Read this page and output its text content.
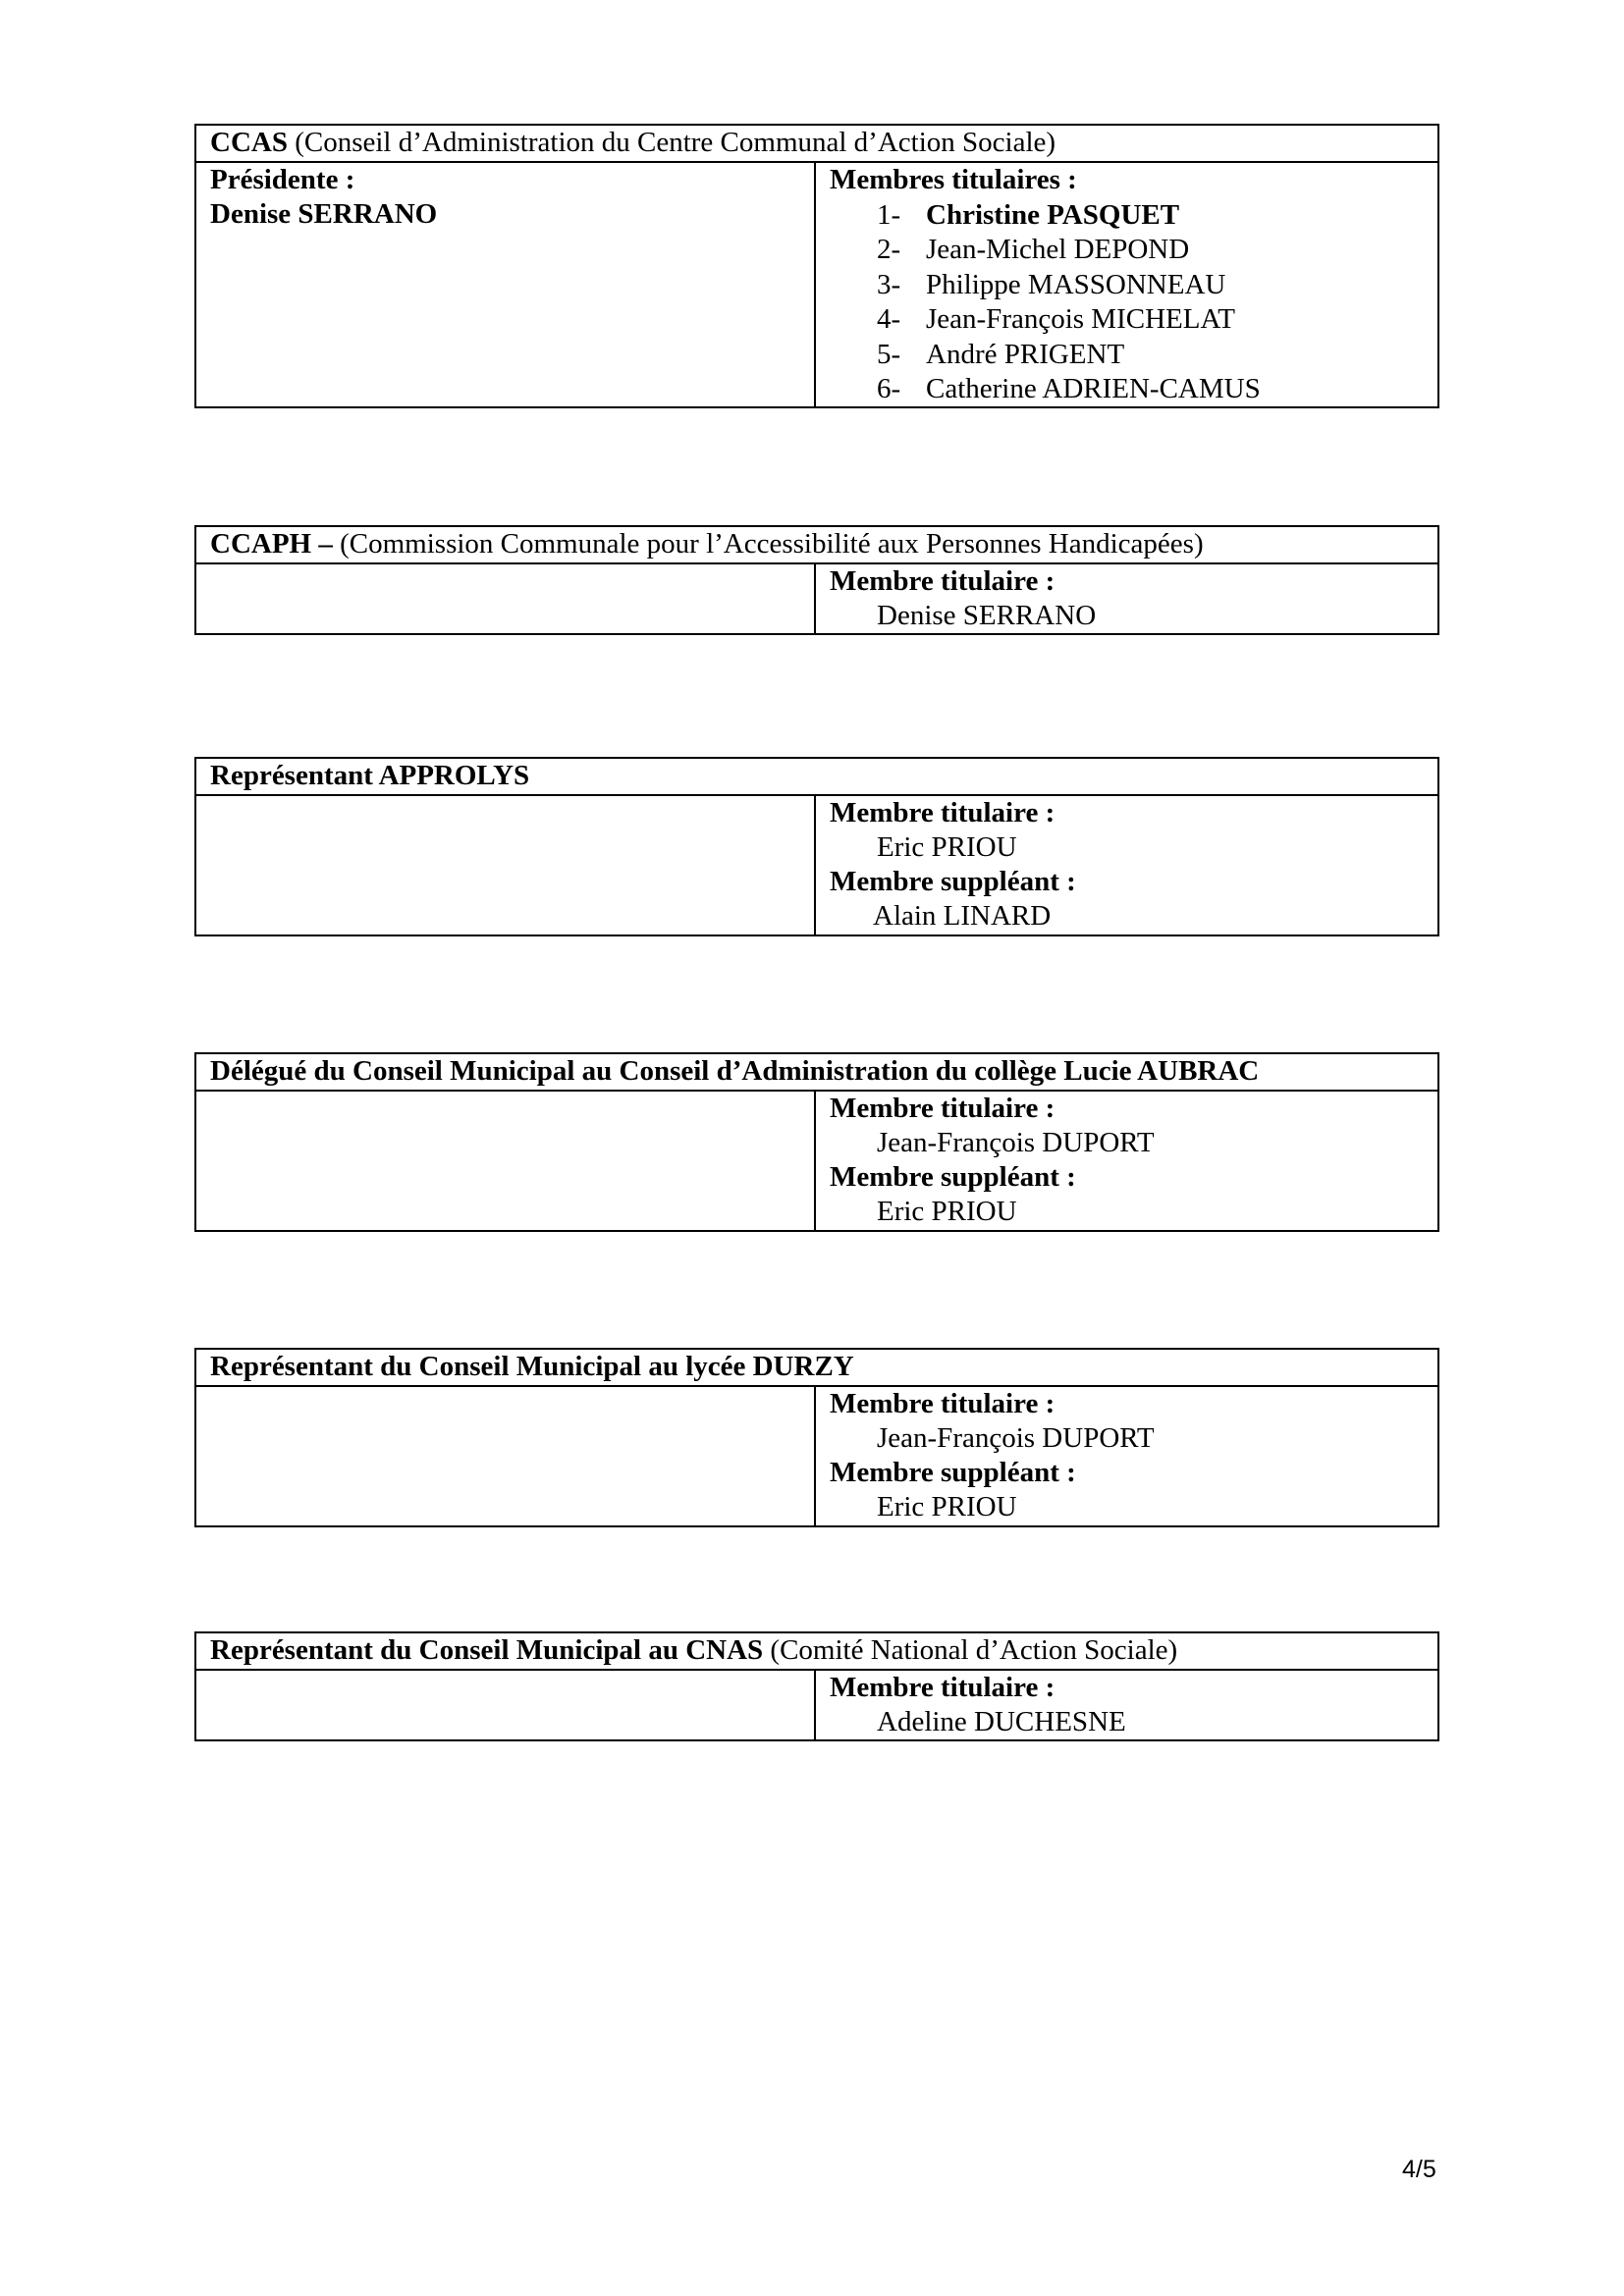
CCAS (Conseil d’Administration du Centre Communal d’Action Sociale)
Présidente :
Denise SERRANO
Membres titulaires :
1- Christine PASQUET
2- Jean-Michel DEPOND
3- Philippe MASSONNEAU
4- Jean-François MICHELAT
5- André PRIGENT
6- Catherine ADRIEN-CAMUS
CCAPH – (Commission Communale pour l’Accessibilité aux Personnes Handicapées)
Membre titulaire :
Denise SERRANO
Représentant APPROLYS
Membre titulaire :
Eric PRIOU
Membre suppléant :
Alain LINARD
Délégué du Conseil Municipal au Conseil d’Administration du collège Lucie AUBRAC
Membre titulaire :
Jean-François DUPORT
Membre suppléant :
Eric PRIOU
Représentant du Conseil Municipal au lycée DURZY
Membre titulaire :
Jean-François DUPORT
Membre suppléant :
Eric PRIOU
Représentant du Conseil Municipal au CNAS (Comité National d’Action Sociale)
Membre titulaire :
Adeline DUCHESNE
4/5
